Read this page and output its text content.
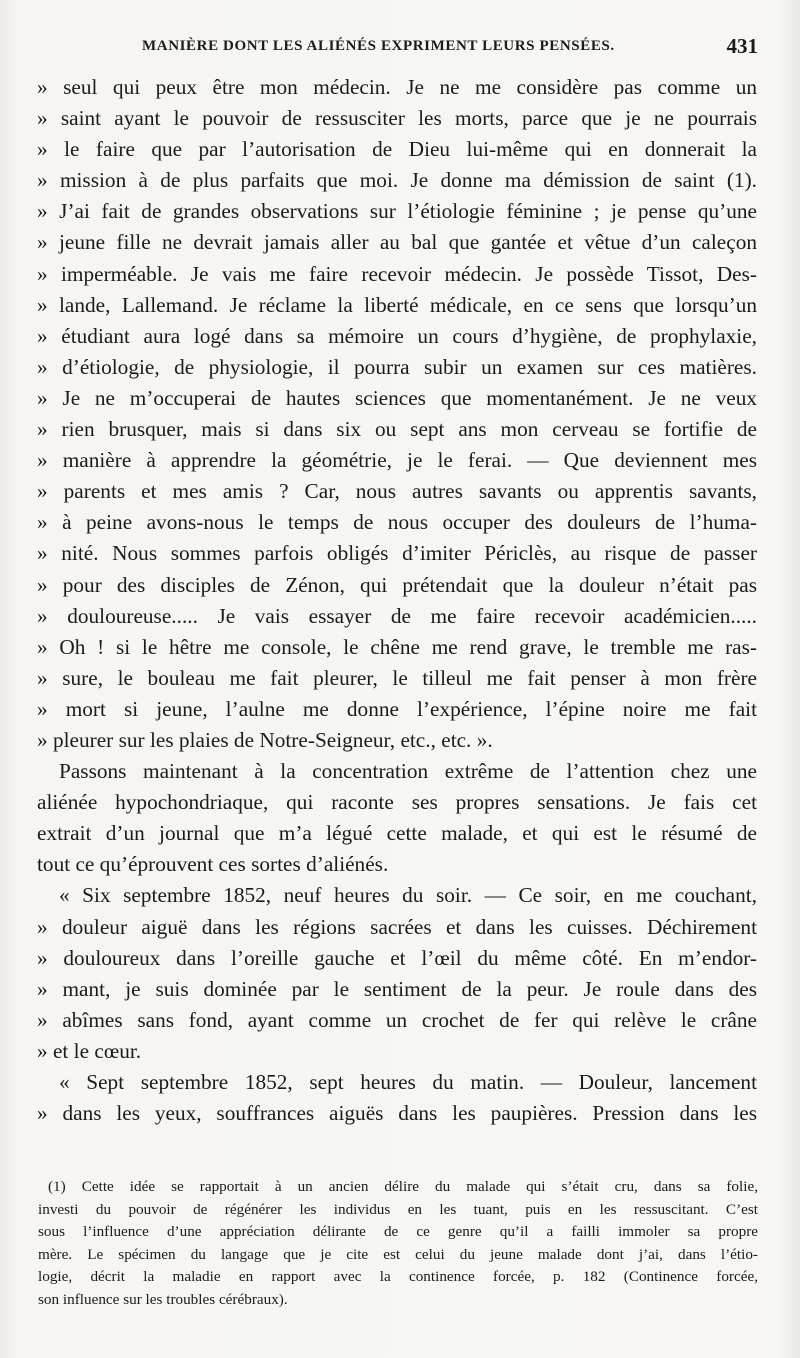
MANIÈRE DONT LES ALIÉNÉS EXPRIMENT LEURS PENSÉES.	431
» seul qui peux être mon médecin. Je ne me considère pas comme un
» saint ayant le pouvoir de ressusciter les morts, parce que je ne pourrais
» le faire que par l’autorisation de Dieu lui-même qui en donnerait la
» mission à de plus parfaits que moi. Je donne ma démission de saint (1).
» J’ai fait de grandes observations sur l’étiologie féminine ; je pense qu’une
» jeune fille ne devrait jamais aller au bal que gantée et vêtue d’un caleçon
» imperméable. Je vais me faire recevoir médecin. Je possède Tissot, Des-
» lande, Lallemand. Je réclame la liberté médicale, en ce sens que lorsqu’un
» étudiant aura logé dans sa mémoire un cours d’hygiène, de prophylaxie,
» d’étiologie, de physiologie, il pourra subir un examen sur ces matières.
» Je ne m’occuperai de hautes sciences que momentanément. Je ne veux
» rien brusquer, mais si dans six ou sept ans mon cerveau se fortifie de
» manière à apprendre la géométrie, je le ferai. — Que deviennent mes
» parents et mes amis ? Car, nous autres savants ou apprentis savants,
» à peine avons-nous le temps de nous occuper des douleurs de l’huma-
» nité. Nous sommes parfois obligés d’imiter Périclès, au risque de passer
» pour des disciples de Zénon, qui prétendait que la douleur n’était pas
» douloureuse..... Je vais essayer de me faire recevoir académicien.....
» Oh ! si le hêtre me console, le chêne me rend grave, le tremble me ras-
» sure, le bouleau me fait pleurer, le tilleul me fait penser à mon frère
» mort si jeune, l’aulne me donne l’expérience, l’épine noire me fait
» pleurer sur les plaies de Notre-Seigneur, etc., etc. ».
Passons maintenant à la concentration extrême de l’attention chez une
aliénée hypochondriaque, qui raconte ses propres sensations. Je fais cet
extrait d’un journal que m’a légué cette malade, et qui est le résumé de
tout ce qu’éprouvent ces sortes d’aliénés.
« Six septembre 1852, neuf heures du soir. — Ce soir, en me couchant,
» douleur aiguë dans les régions sacrées et dans les cuisses. Déchirement
» douloureux dans l’oreille gauche et l’œil du même côté. En m’endor-
» mant, je suis dominée par le sentiment de la peur. Je roule dans des
» abîmes sans fond, ayant comme un crochet de fer qui relève le crâne
» et le cœur.
« Sept septembre 1852, sept heures du matin. — Douleur, lancement
» dans les yeux, souffrances aiguës dans les paupières. Pression dans les
(1) Cette idée se rapportait à un ancien délire du malade qui s’était cru, dans sa folie,
investi du pouvoir de régénérer les individus en les tuant, puis en les ressuscitant. C’est
sous l’influence d’une appréciation délirante de ce genre qu’il a failli immoler sa propre
mère. Le spécimen du langage que je cite est celui du jeune malade dont j’ai, dans l’étio-
logie, décrit la maladie en rapport avec la continence forcée, p. 182 (Continence forcée,
son influence sur les troubles cérébraux).
